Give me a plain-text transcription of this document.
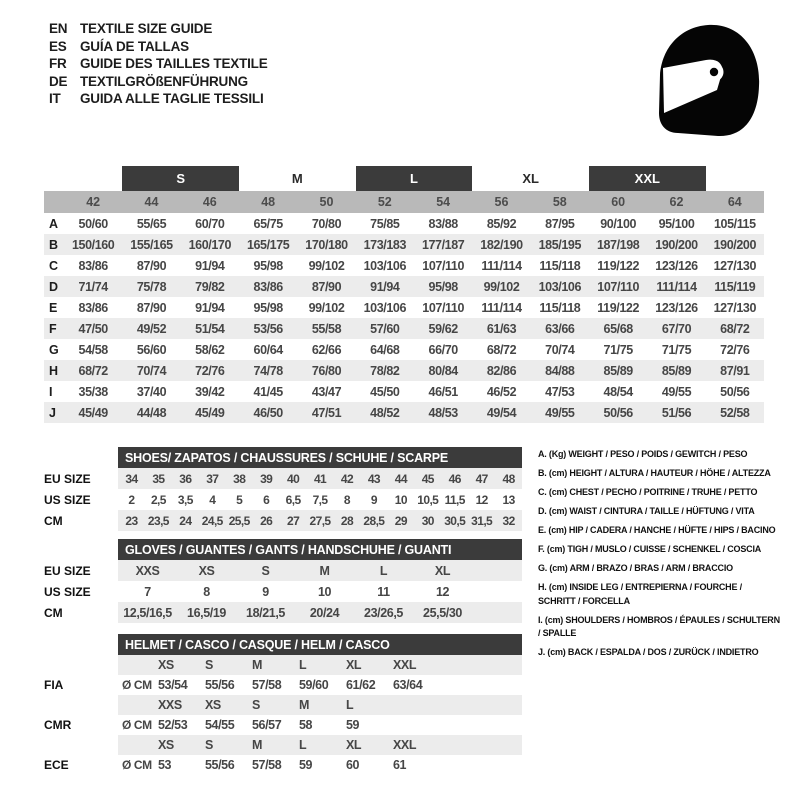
EN TEXTILE SIZE GUIDE
ES GUÍA DE TALLAS
FR GUIDE DES TAILLES TEXTILE
DE TEXTILGRÖßENFÜHRUNG
IT	GUIDA ALLE TAGLIE TESSILI
S	M	L	XL	XXL
42	44	46	48	50	52	54	56	58	60	62	64
A	50/60	55/65	60/70	65/75	70/80	75/85	83/88	85/92	87/95	90/100	95/100	105/115
B	150/160	155/165	160/170	165/175	170/180	173/183	177/187	182/190	185/195	187/198	190/200	190/200
C	83/86	87/90	91/94	95/98	99/102	103/106	107/110	111/114	115/118	119/122	123/126	127/130
D	71/74	75/78	79/82	83/86	87/90	91/94	95/98	99/102	103/106	107/110	111/114	115/119
E	83/86	87/90	91/94	95/98	99/102	103/106	107/110	111/114	115/118	119/122	123/126	127/130
F	47/50	49/52	51/54	53/56	55/58	57/60	59/62	61/63	63/66	65/68	67/70	68/72
G	54/58	56/60	58/62	60/64	62/66	64/68	66/70	68/72	70/74	71/75	71/75	72/76
H	68/72	70/74	72/76	74/78	76/80	78/82	80/84	82/86	84/88	85/89	85/89	87/91
I	35/38	37/40	39/42	41/45	43/47	45/50	46/51	46/52	47/53	48/54	49/55	50/56
J	45/49	44/48	45/49	46/50	47/51	48/52	48/53	49/54	49/55	50/56	51/56	52/58
SHOES/ ZAPATOS / CHAUSSURES / SCHUHE / SCARPE
EU SIZE	34	35	36	37	38	39	40	41	42	43	44	45	46	47	48
US SIZE	2	2,5	3,5	4	5	6	6,5	7,5	8	9	10 10,5 11,5 12	13
CM	23 23,5 24 24,5 25,5 26	27 27,5 28 28,5 29	30 30,5 31,5 32
GLOVES / GUANTES / GANTS / HANDSCHUHE / GUANTI
EU SIZE	XXS	XS	S	M	L	XL
US SIZE	7	8	9	10	11	12
CM	12,5/16,5	16,5/19	18/21,5	20/24	23/26,5	25,5/30
HELMET / CASCO / CASQUE / HELM / CASCO
XS	S	M	L	XL	XXL
FIA	Ø CM 53/54	55/56	57/58	59/60	61/62	63/64
XXS	XS	S	M	L
CMR	Ø CM 52/53	54/55	56/57	58	59
XS	S	M	L	XL	XXL
ECE	Ø CM 53	55/56	57/58	59	60	61
A. (Kg) WEIGHT / PESO / POIDS / GEWITCH / PESO
B. (cm) HEIGHT / ALTURA / HAUTEUR / HÖHE / ALTEZZA
C. (cm) CHEST / PECHO / POITRINE / TRUHE / PETTO
D. (cm) WAIST / CINTURA / TAILLE / HÜFTUNG / VITA
E. (cm) HIP / CADERA / HANCHE / HÜFTE / HIPS / BACINO
F. (cm) TIGH / MUSLO / CUISSE / SCHENKEL / COSCIA
G. (cm) ARM / BRAZO / BRAS / ARM / BRACCIO
H. (cm) INSIDE LEG / ENTREPIERNA / FOURCHE / SCHRITT / FORCELLA
I. (cm) SHOULDERS / HOMBROS / ÉPAULES / SCHULTERN / SPALLE
J. (cm) BACK / ESPALDA / DOS / ZURÜCK / INDIETRO
